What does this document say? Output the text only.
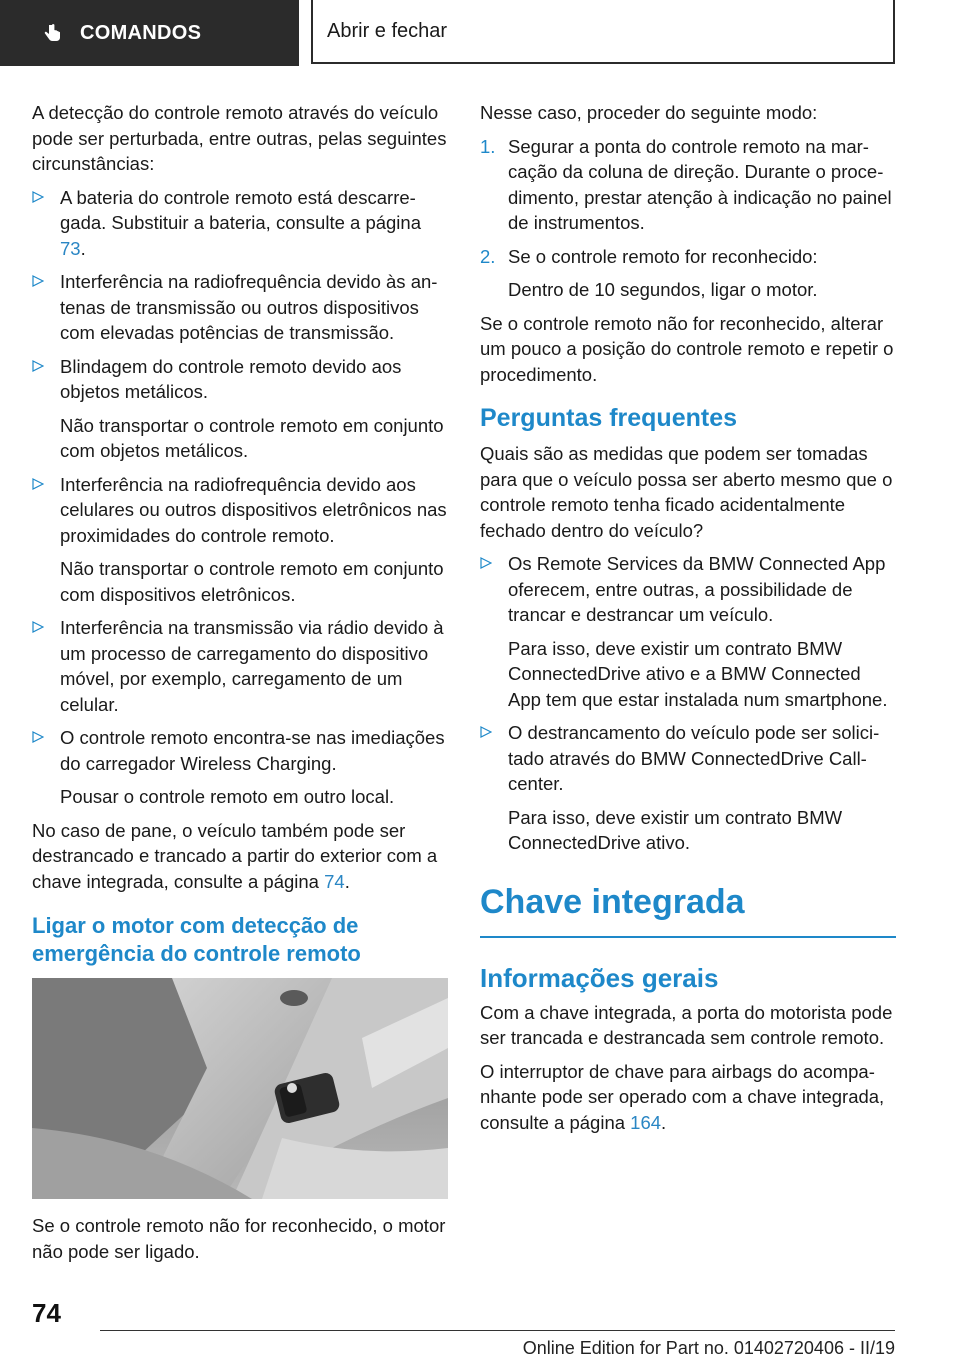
COMANDOS	Abrir e fechar

A detecção do controle remoto através do veículo pode ser perturbada, entre outras, pelas seguintes circunstâncias:

A bateria do controle remoto está descarregada. Substituir a bateria, consulte a página 73.
Interferência na radiofrequência devido às antenas de transmissão ou outros dispositivos com elevadas potências de transmissão.
Blindagem do controle remoto devido aos objetos metálicos.
Não transportar o controle remoto em conjunto com objetos metálicos.
Interferência na radiofrequência devido aos celulares ou outros dispositivos eletrônicos nas proximidades do controle remoto.
Não transportar o controle remoto em conjunto com dispositivos eletrônicos.
Interferência na transmissão via rádio devido à um processo de carregamento do dispositivo móvel, por exemplo, carregamento de um celular.
O controle remoto encontra-se nas imediações do carregador Wireless Charging.
Pousar o controle remoto em outro local.

No caso de pane, o veículo também pode ser destrancado e trancado a partir do exterior com a chave integrada, consulte a página 74.

Ligar o motor com detecção de emergência do controle remoto

Se o controle remoto não for reconhecido, o motor não pode ser ligado.

Nesse caso, proceder do seguinte modo:

1. Segurar a ponta do controle remoto na marcação da coluna de direção. Durante o procedimento, prestar atenção à indicação no painel de instrumentos.
2. Se o controle remoto for reconhecido:
Dentro de 10 segundos, ligar o motor.

Se o controle remoto não for reconhecido, alterar um pouco a posição do controle remoto e repetir o procedimento.

Perguntas frequentes

Quais são as medidas que podem ser tomadas para que o veículo possa ser aberto mesmo que o controle remoto tenha ficado acidentalmente fechado dentro do veículo?

Os Remote Services da BMW Connected App oferecem, entre outras, a possibilidade de trancar e destrancar um veículo.
Para isso, deve existir um contrato BMW ConnectedDrive ativo e a BMW Connected App tem que estar instalada num smartphone.
O destrancamento do veículo pode ser solicitado através do BMW ConnectedDrive Call-center.
Para isso, deve existir um contrato BMW ConnectedDrive ativo.
Chave integrada
Informações gerais

Com a chave integrada, a porta do motorista pode ser trancada e destrancada sem controle remoto.

O interruptor de chave para airbags do acompanhante pode ser operado com a chave integrada, consulte a página 164.

74
Online Edition for Part no. 01402720406 - II/19
